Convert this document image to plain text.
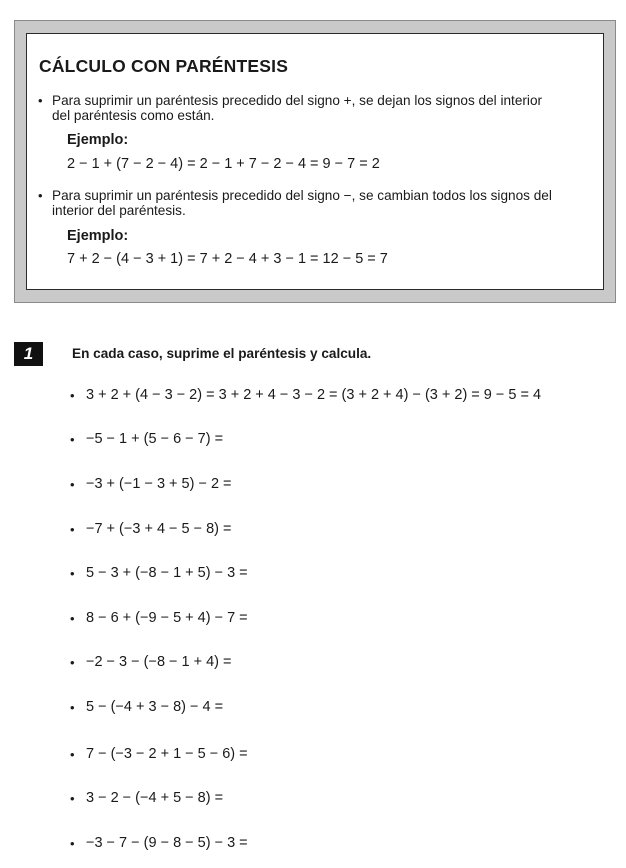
CÁLCULO CON PARÉNTESIS
• Para suprimir un paréntesis precedido del signo +, se dejan los signos del interior
del paréntesis como están.
Ejemplo:
2 − 1 + (7 − 2 − 4) = 2 − 1 + 7 − 2 − 4 = 9 − 7 = 2
• Para suprimir un paréntesis precedido del signo −, se cambian todos los signos del
interior del paréntesis.
Ejemplo:
7 + 2 − (4 − 3 + 1) = 7 + 2 − 4 + 3 − 1 = 12 − 5 = 7
1	En cada caso, suprime el paréntesis y calcula.
• 3 + 2 + (4 − 3 − 2) = 3 + 2 + 4 − 3 − 2 = (3 + 2 + 4) − (3 + 2) = 9 − 5 = 4
• −5 − 1 + (5 − 6 − 7) =
• −3 + (−1 − 3 + 5) − 2 =
• −7 + (−3 + 4 − 5 − 8) =
• 5 − 3 + (−8 − 1 + 5) − 3 =
• 8 − 6 + (−9 − 5 + 4) − 7 =
• −2 − 3 − (−8 − 1 + 4) =
• 5 − (−4 + 3 − 8) − 4 =
• 7 − (−3 − 2 + 1 − 5 − 6) =
• 3 − 2 − (−4 + 5 − 8) =
• −3 − 7 − (9 − 8 − 5) − 3 =
